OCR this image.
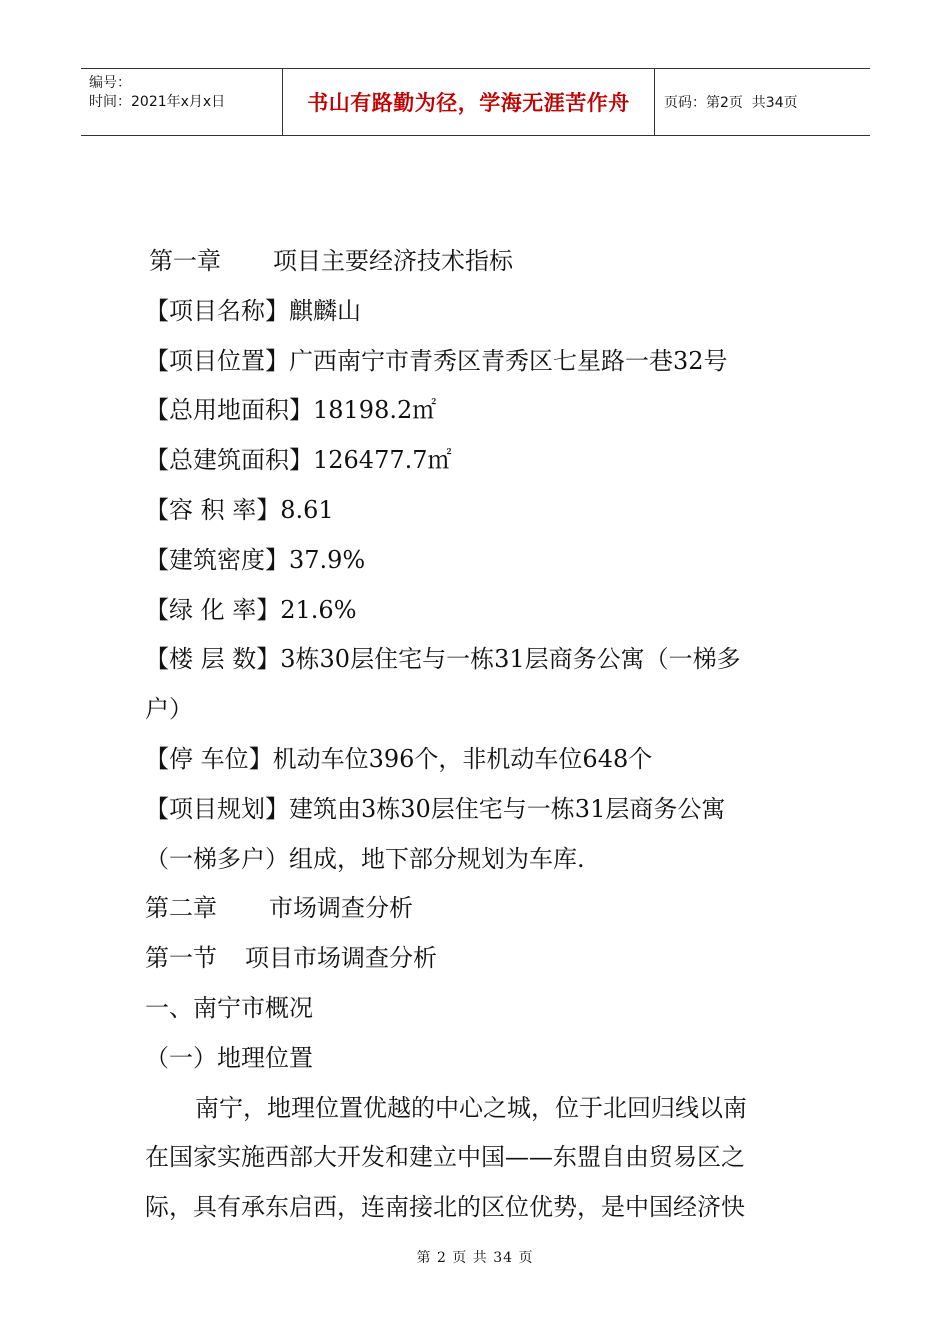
编号：
时间：2021年x月x日	书山有路勤为径，学海无涯苦作舟	页码：第2页  共34页
第一章 项目主要经济技术指标
【项目名称】麒麟山
【项目位置】广西南宁市青秀区青秀区七星路一巷32号
【总用地面积】18198.2㎡
【总建筑面积】126477.7㎡
【容 积 率】8.61
【建筑密度】37.9%
【绿 化 率】21.6%
【楼 层 数】3栋30层住宅与一栋31层商务公寓（一梯多
户）
【停 车位】机动车位396个，非机动车位648个
【项目规划】建筑由3栋30层住宅与一栋31层商务公寓
（一梯多户）组成，地下部分规划为车库.
第二章 市场调查分析
第一节 项目市场调查分析
一、南宁市概况
（一）地理位置
南宁，地理位置优越的中心之城，位于北回归线以南
在国家实施西部大开发和建立中国——东盟自由贸易区之
际，具有承东启西，连南接北的区位优势，是中国经济快
第 2 页 共 34 页
